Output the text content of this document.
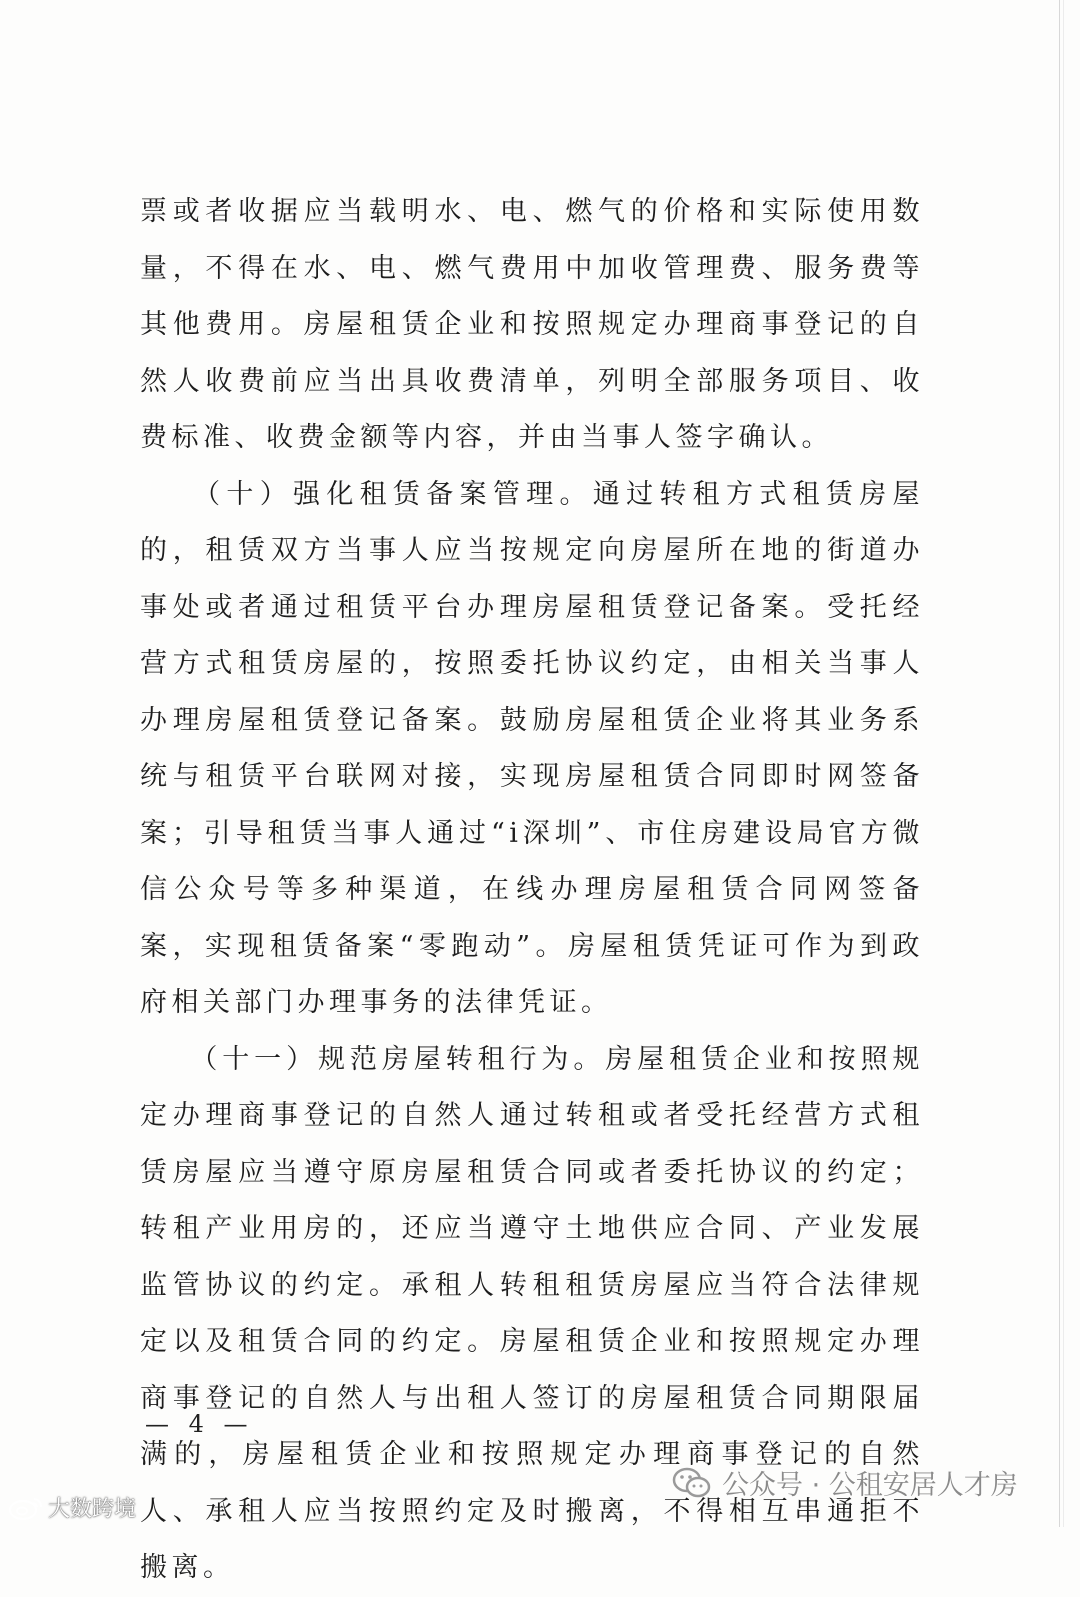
票或者收据应当载明水、电、燃气的价格和实际使用数量，不得在水、电、燃气费用中加收管理费、服务费等其他费用。房屋租赁企业和按照规定办理商事登记的自然人收费前应当出具收费清单，列明全部服务项目、收费标准、收费金额等内容，并由当事人签字确认。

　　（十）强化租赁备案管理。通过转租方式租赁房屋的，租赁双方当事人应当按规定向房屋所在地的街道办事处或者通过租赁平台办理房屋租赁登记备案。受托经营方式租赁房屋的，按照委托协议约定，由相关当事人办理房屋租赁登记备案。鼓励房屋租赁企业将其业务系统与租赁平台联网对接，实现房屋租赁合同即时网签备案；引导租赁当事人通过“i深圳”、市住房建设局官方微信公众号等多种渠道，在线办理房屋租赁合同网签备案，实现租赁备案“零跑动”。房屋租赁凭证可作为到政府相关部门办理事务的法律凭证。

　　（十一）规范房屋转租行为。房屋租赁企业和按照规定办理商事登记的自然人通过转租或者受托经营方式租赁房屋应当遵守原房屋租赁合同或者委托协议的约定；转租产业用房的，还应当遵守土地供应合同、产业发展监管协议的约定。承租人转租租赁房屋应当符合法律规定以及租赁合同的约定。房屋租赁企业和按照规定办理商事登记的自然人与出租人签订的房屋租赁合同期限届满的，房屋租赁企业和按照规定办理商事登记的自然人、承租人应当按照约定及时搬离，不得相互串通拒不搬离。

— 4 —
公众号 · 公租安居人才房
大数跨境
